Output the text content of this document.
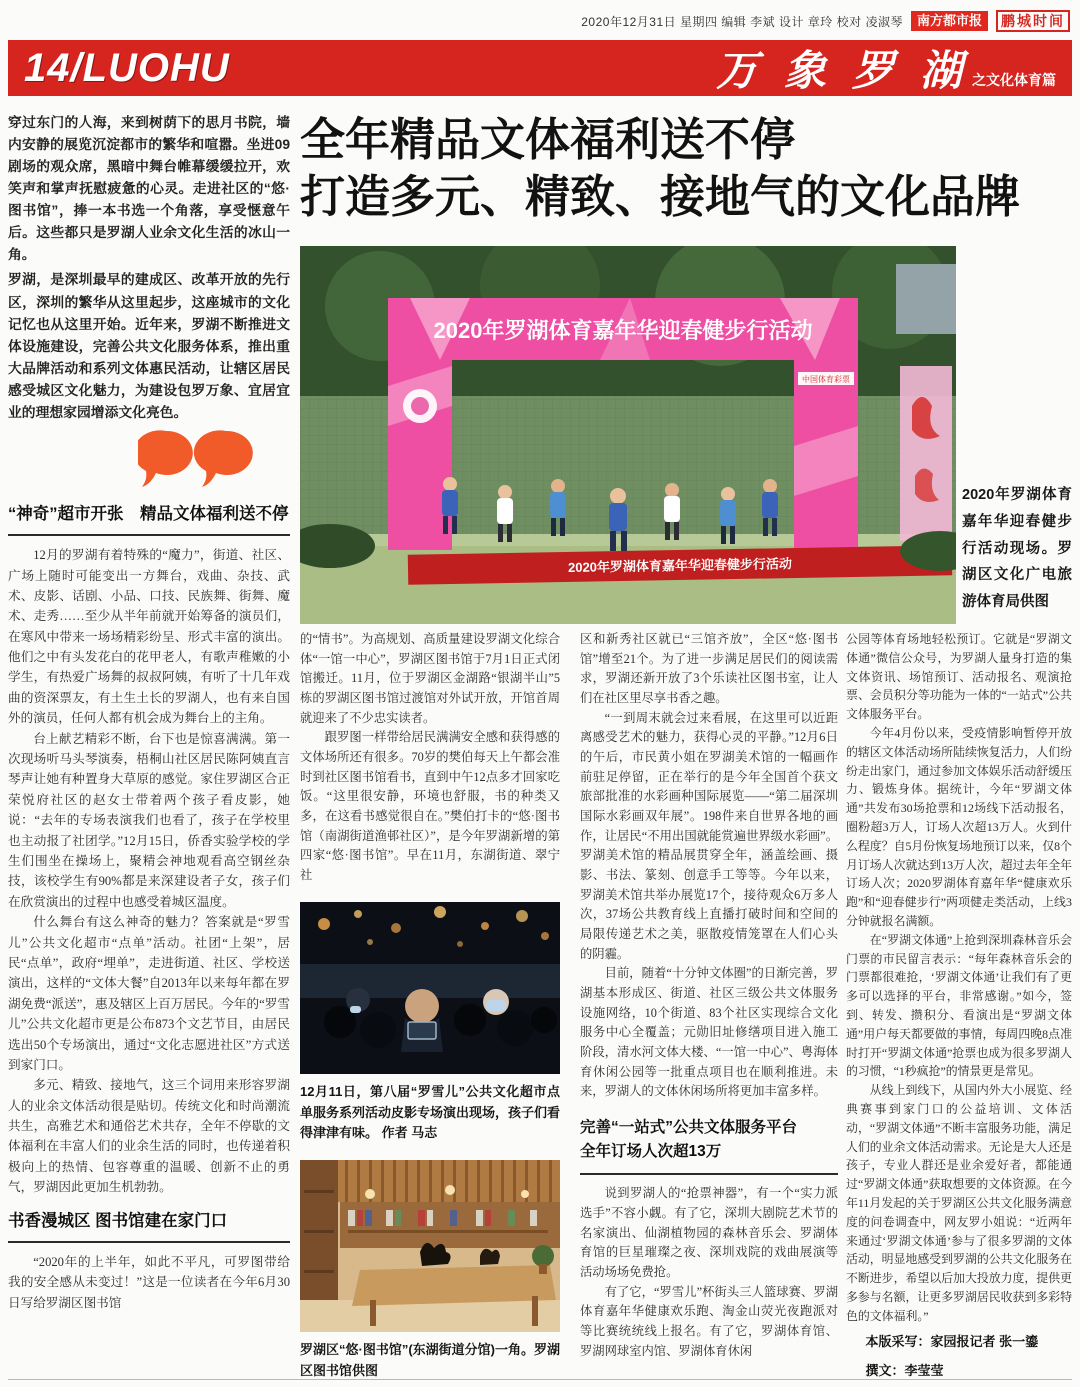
2020年12月31日 星期四 编辑 李斌 设计 章玲 校对 凌淑琴	南方都市报	鹏城时间
14/LUOHU	万象罗湖
之文化体育篇

穿过东门的人海，来到树荫下的思月书院，墙内安静的展览沉淀都市的繁华和喧嚣。坐进09剧场的观众席，黑暗中舞台帷幕缓缓拉开，欢笑声和掌声抚慰疲惫的心灵。走进社区的“悠·图书馆”，捧一本书选一个角落，享受惬意午后。这些都只是罗湖人业余文化生活的冰山一角。

罗湖，是深圳最早的建成区、改革开放的先行区，深圳的繁华从这里起步，这座城市的文化记忆也从这里开始。近年来，罗湖不断推进文体设施建设，完善公共文化服务体系，推出重大品牌活动和系列文体惠民活动，让辖区居民感受城区文化魅力，为建设包罗万象、宜居宜业的理想家园增添文化亮色。

“神奇”超市开张　精品文体福利送不停

12月的罗湖有着特殊的“魔力”，街道、社区、广场上随时可能变出一方舞台，戏曲、杂技、武术、皮影、话剧、小品、口技、民族舞、街舞、魔术、走秀……至少从半年前就开始筹备的演员们，在寒风中带来一场场精彩纷呈、形式丰富的演出。他们之中有头发花白的花甲老人，有歌声稚嫩的小学生，有热爱广场舞的叔叔阿姨，有听了十几年戏曲的资深票友，有土生土长的罗湖人，也有来自国外的演员，任何人都有机会成为舞台上的主角。

台上献艺精彩不断，台下也是惊喜满满。第一次现场听马头琴演奏，梧桐山社区居民陈阿姨直言琴声让她有种置身大草原的感觉。家住罗湖区合正荣悦府社区的赵女士带着两个孩子看皮影，她说：“去年的专场表演我们也看了，孩子在学校里也主动报了社团学。”12月15日，侨香实验学校的学生们围坐在操场上，聚精会神地观看高空钢丝杂技，该校学生有90%都是来深建设者子女，孩子们在欣赏演出的过程中也感受着城区温度。

什么舞台有这么神奇的魅力？答案就是“罗雪儿”公共文化超市“点单”活动。社团“上架”，居民“点单”，政府“埋单”，走进街道、社区、学校送演出，这样的“文体大餐”自2013年以来每年都在罗湖免费“派送”，惠及辖区上百万居民。今年的“罗雪儿”公共文化超市更是公布873个文艺节目，由居民选出50个专场演出，通过“文化志愿进社区”方式送到家门口。

多元、精致、接地气，这三个词用来形容罗湖人的业余文体活动很是贴切。传统文化和时尚潮流共生，高雅艺术和通俗艺术共存，全年不停歇的文体福利在丰富人们的业余生活的同时，也传递着积极向上的热情、包容尊重的温暖、创新不止的勇气，罗湖因此更加生机勃勃。

书香漫城区 图书馆建在家门口

“2020年的上半年，如此不平凡，可罗图带给我的安全感从未变过！”这是一位读者在今年6月30日写给罗湖区图书馆

全年精品文体福利送不停
打造多元、精致、接地气的文化品牌
2020年罗湖体育嘉年华迎春健步行活动
中国体育彩票
2020年罗湖体育嘉年华迎春健步行活动
2020年罗湖体育嘉年华迎春健步行活动现场。罗湖区文化广电旅游体育局供图

的“情书”。为高规划、高质量建设罗湖文化综合体“一馆一中心”，罗湖区图书馆于7月1日正式闭馆搬迁。11月，位于罗湖区金湖路“银湖半山”5栋的罗湖区图书馆过渡馆对外试开放，开馆首周就迎来了不少忠实读者。

跟罗图一样带给居民满满安全感和获得感的文体场所还有很多。70岁的樊伯每天上午都会准时到社区图书馆看书，直到中午12点多才回家吃饭。“这里很安静，环境也舒服，书的种类又多，在这看书感觉很自在。”樊伯打卡的“悠·图书馆（南湖街道渔邨社区）”，是今年罗湖新增的第四家“悠·图书馆”。早在11月，东湖街道、翠宁社

12月11日，第八届“罗雪儿”公共文化超市点单服务系列活动皮影专场演出现场，孩子们看得津津有味。 作者 马志
罗湖区“悠·图书馆”(东湖街道分馆)一角。罗湖区图书馆供图

区和新秀社区就已“三馆齐放”，全区“悠·图书馆”增至21个。为了进一步满足居民们的阅读需求，罗湖还新开放了3个乐读社区图书室，让人们在社区里尽享书香之趣。

“一到周末就会过来看展，在这里可以近距离感受艺术的魅力，获得心灵的平静。”12月6日的午后，市民黄小姐在罗湖美术馆的一幅画作前驻足停留，正在举行的是今年全国首个获文旅部批准的水彩画种国际展览——“第二届深圳国际水彩画双年展”。198件来自世界各地的画作，让居民“不用出国就能赏遍世界级水彩画”。罗湖美术馆的精品展贯穿全年，涵盖绘画、摄影、书法、篆刻、创意手工等等。今年以来，罗湖美术馆共举办展览17个，接待观众6万多人次，37场公共教育线上直播打破时间和空间的局限传递艺术之美，驱散疫情笼罩在人们心头的阴霾。

目前，随着“十分钟文体圈”的日渐完善，罗湖基本形成区、街道、社区三级公共文体服务设施网络，10个街道、83个社区实现综合文化服务中心全覆盖；元勋旧址修缮项目进入施工阶段，清水河文体大楼、“一馆一中心”、粤海体育休闲公园等一批重点项目也在顺利推进。未来，罗湖人的文体休闲场所将更加丰富多样。

完善“一站式”公共文体服务平台
全年订场人次超13万

说到罗湖人的“抢票神器”，有一个“实力派选手”不容小觑。有了它，深圳大剧院艺术节的名家演出、仙湖植物园的森林音乐会、罗湖体育馆的巨星璀璨之夜、深圳戏院的戏曲展演等活动场场免费抢。

有了它，“罗雪儿”杯街头三人篮球赛、罗湖体育嘉年华健康欢乐跑、淘金山荧光夜跑派对等比赛统统线上报名。有了它，罗湖体育馆、罗湖网球室内馆、罗湖体育休闲

公园等体育场地轻松预订。它就是“罗湖文体通”微信公众号，为罗湖人量身打造的集文体资讯、场馆预订、活动报名、观演抢票、会员积分等功能为一体的“一站式”公共文体服务平台。

今年4月份以来，受疫情影响暂停开放的辖区文体活动场所陆续恢复活力，人们纷纷走出家门，通过参加文体娱乐活动舒缓压力、锻炼身体。据统计，今年“罗湖文体通”共发布30场抢票和12场线下活动报名，圈粉超3万人，订场人次超13万人。火到什么程度？自5月份恢复场地预订以来，仅8个月订场人次就达到13万人次，超过去年全年订场人次；2020罗湖体育嘉年华“健康欢乐跑”和“迎春健步行”两项健走类活动，上线3分钟就报名满额。

在“罗湖文体通”上抢到深圳森林音乐会门票的市民留言表示：“每年森林音乐会的门票都很难抢，‘罗湖文体通’让我们有了更多可以选择的平台，非常感谢。”如今，签到、转发、攒积分、看演出是“罗湖文体通”用户每天都要做的事情，每周四晚8点准时打开“罗湖文体通”抢票也成为很多罗湖人的习惯，“1秒疯抢”的情景更是常见。

从线上到线下，从国内外大小展览、经典赛事到家门口的公益培训、文体活动，“罗湖文体通”不断丰富服务功能，满足人们的业余文体活动需求。无论是大人还是孩子，专业人群还是业余爱好者，都能通过“罗湖文体通”获取想要的文体资源。在今年11月发起的关于罗湖区公共文化服务满意度的问卷调查中，网友罗小姐说：“近两年来通过‘罗湖文体通’参与了很多罗湖的文体活动，明显地感受到罗湖的公共文化服务在不断进步，希望以后加大投放力度，提供更多参与名额，让更多罗湖居民收获到多彩特色的文体福利。”

本版采写：家园报记者 张一鎏
撰文：李莹莹
